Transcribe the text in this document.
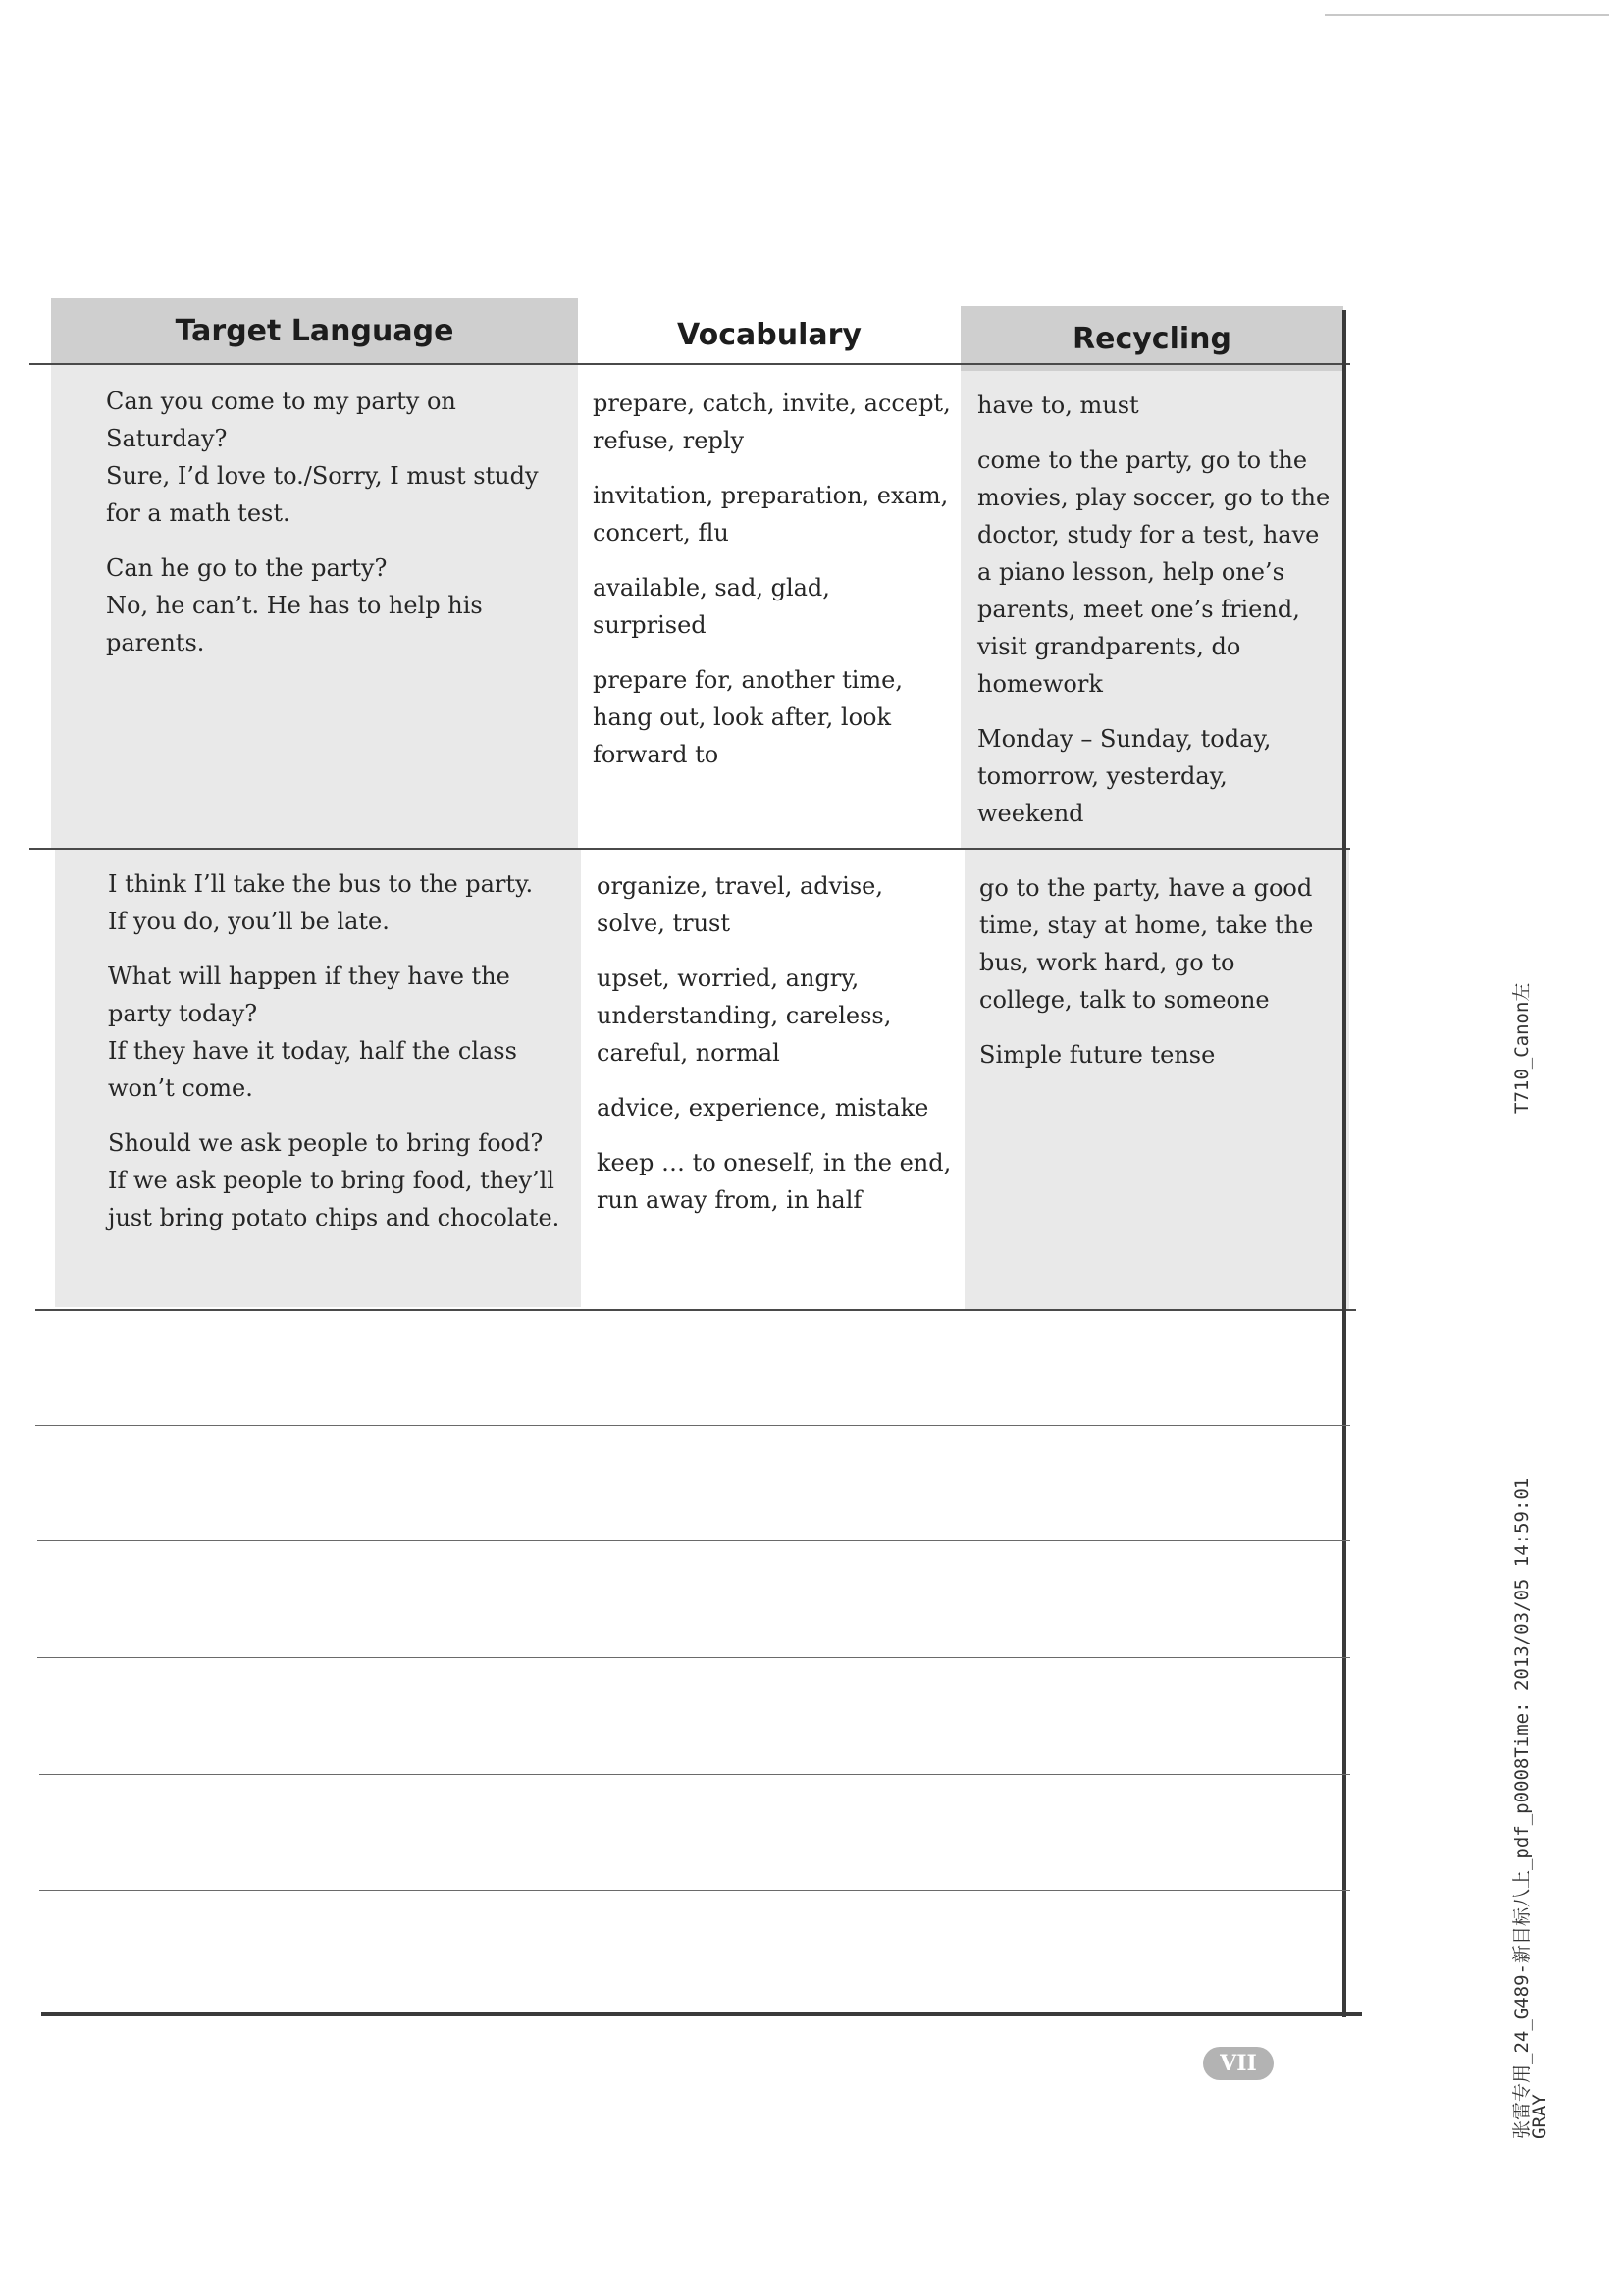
Target Language	Vocabulary	Recycling

Can you come to my party on Saturday?
Sure, I’d love to./Sorry, I must study for a math test.

Can he go to the party?
No, he can’t. He has to help his parents.

prepare, catch, invite, accept, refuse, reply

invitation, preparation, exam, concert, flu

available, sad, glad, surprised

prepare for, another time, hang out, look after, look forward to

have to, must

come to the party, go to the movies, play soccer, go to the doctor, study for a test, have a piano lesson, help one’s parents, meet one’s friend, visit grandparents, do homework

Monday – Sunday, today, tomorrow, yesterday, weekend

I think I’ll take the bus to the party.
If you do, you’ll be late.

What will happen if they have the party today?
If they have it today, half the class won’t come.

Should we ask people to bring food?
If we ask people to bring food, they’ll just bring potato chips and chocolate.

organize, travel, advise, solve, trust

upset, worried, angry, understanding, careless, careful, normal

advice, experience, mistake

keep … to oneself, in the end, run away from, in half

go to the party, have a good time, stay at home, take the bus, work hard, go to college, talk to someone

Simple future tense

VII
T710_Canon左
张雷专用_24_G489-新目标八上_pdf_p0008Time: 2013/03/05 14:59:01
GRAY
